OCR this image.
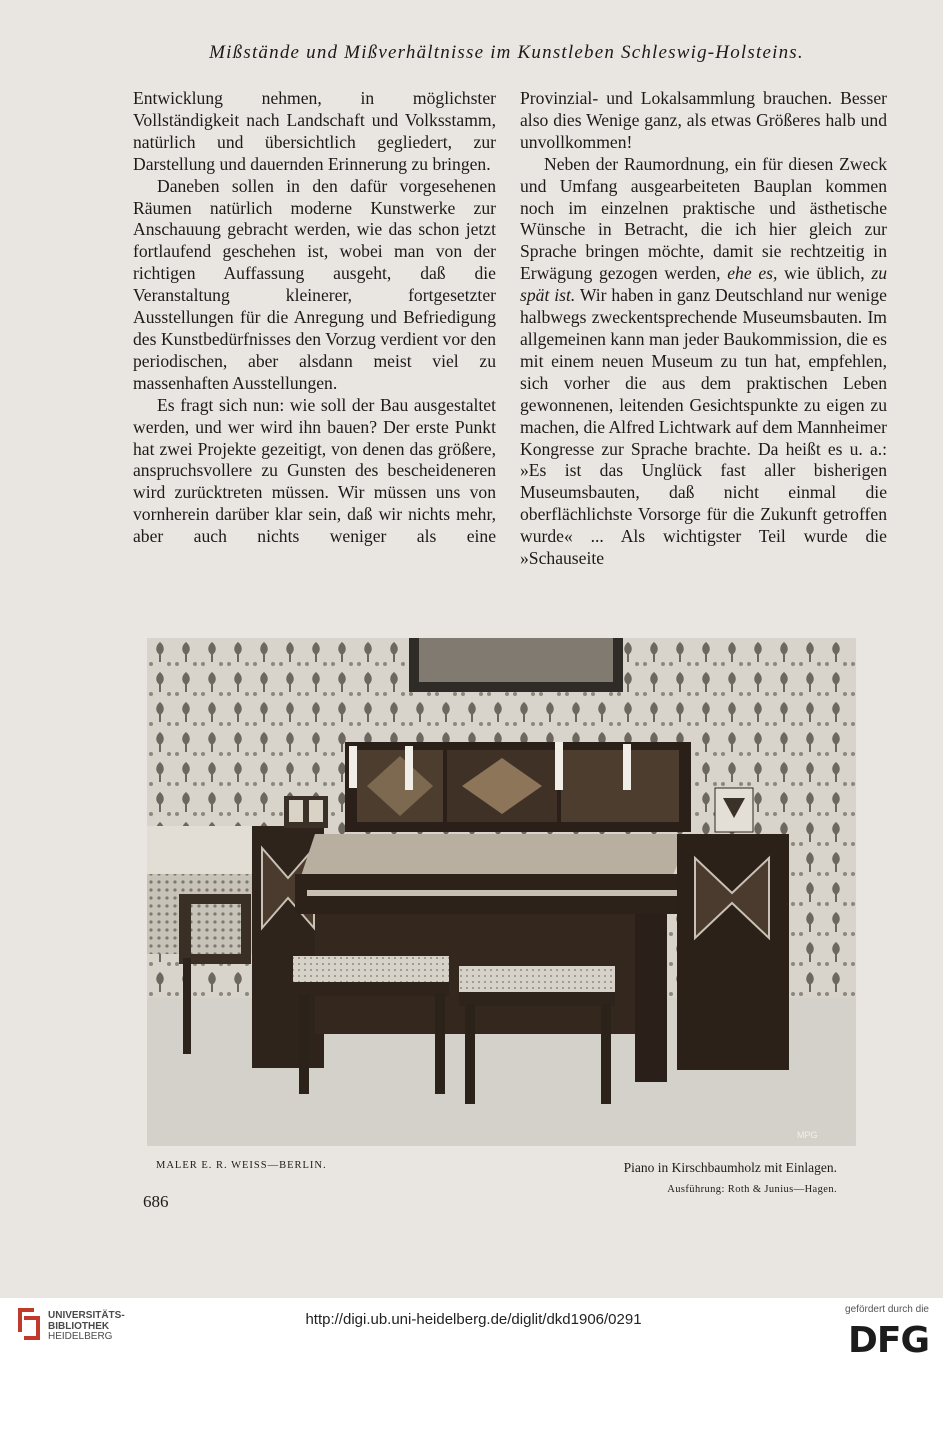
Mißstände und Mißverhältnisse im Kunstleben Schleswig-Holsteins.

Entwicklung nehmen, in möglichster Vollständigkeit nach Landschaft und Volksstamm, natürlich und übersichtlich gegliedert, zur Darstellung und dauernden Erinnerung zu bringen.

Daneben sollen in den dafür vorgesehenen Räumen natürlich moderne Kunstwerke zur Anschauung gebracht werden, wie das schon jetzt fortlaufend geschehen ist, wobei man von der richtigen Auffassung ausgeht, daß die Veranstaltung kleinerer, fortgesetzter Ausstellungen für die Anregung und Befriedigung des Kunstbedürfnisses den Vorzug verdient vor den periodischen, aber alsdann meist viel zu massenhaften Ausstellungen.

Es fragt sich nun: wie soll der Bau ausgestaltet werden, und wer wird ihn bauen? Der erste Punkt hat zwei Projekte gezeitigt, von denen das größere, anspruchsvollere zu Gunsten des bescheideneren wird zurücktreten müssen. Wir müssen uns von vornherein darüber klar sein, daß wir nichts mehr, aber auch nichts weniger als eine

Provinzial- und Lokalsammlung brauchen. Besser also dies Wenige ganz, als etwas Größeres halb und unvollkommen!

Neben der Raumordnung, ein für diesen Zweck und Umfang ausgearbeiteten Bauplan kommen noch im einzelnen praktische und ästhetische Wünsche in Betracht, die ich hier gleich zur Sprache bringen möchte, damit sie rechtzeitig in Erwägung gezogen werden, ehe es, wie üblich, zu spät ist. Wir haben in ganz Deutschland nur wenige halbwegs zweckentsprechende Museumsbauten. Im allgemeinen kann man jeder Baukommission, die es mit einem neuen Museum zu tun hat, empfehlen, sich vorher die aus dem praktischen Leben gewonnenen, leitenden Gesichtspunkte zu eigen zu machen, die Alfred Lichtwark auf dem Mannheimer Kongresse zur Sprache brachte. Da heißt es u. a.: »Es ist das Unglück fast aller bisherigen Museumsbauten, daß nicht einmal die oberflächlichste Vorsorge für die Zukunft getroffen wurde« ... Als wichtigster Teil wurde die »Schauseite

MPG
MALER E. R. WEISS—BERLIN.	Piano in Kirschbaumholz mit Einlagen.
Ausführung: Roth & Junius—Hagen.
686
UNIVERSITÄTS-
BIBLIOTHEK
HEIDELBERG
http://digi.ub.uni-heidelberg.de/diglit/dkd1906/0291
gefördert durch die
DFG
